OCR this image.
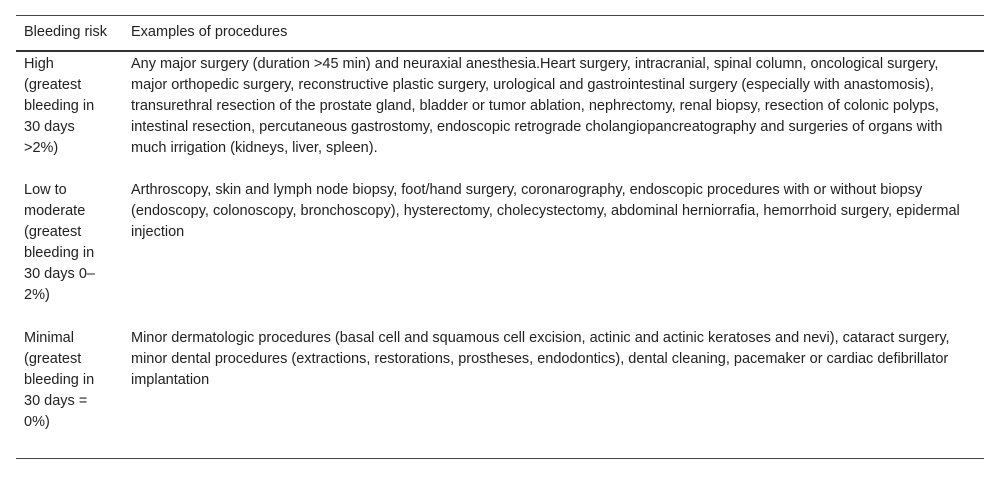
Bleeding risk	Examples of procedures
High (greatest bleeding in 30 days >2%)	Any major surgery (duration >45 min) and neuraxial anesthesia.Heart surgery, intracranial, spinal column, oncological surgery, major orthopedic surgery, reconstructive plastic surgery, urological and gastrointestinal surgery (especially with anastomosis), transurethral resection of the prostate gland, bladder or tumor ablation, nephrectomy, renal biopsy, resection of colonic polyps, intestinal resection, percutaneous gastrostomy, endoscopic retrograde cholangiopancreatography and surgeries of organs with much irrigation (kidneys, liver, spleen).
Low to moderate (greatest bleeding in 30 days 0–2%)	Arthroscopy, skin and lymph node biopsy, foot/hand surgery, coronarography, endoscopic procedures with or without biopsy (endoscopy, colonoscopy, bronchoscopy), hysterectomy, cholecystectomy, abdominal herniorrafia, hemorrhoid surgery, epidermal injection
Minimal (greatest bleeding in 30 days = 0%)	Minor dermatologic procedures (basal cell and squamous cell excision, actinic and actinic keratoses and nevi), cataract surgery, minor dental procedures (extractions, restorations, prostheses, endodontics), dental cleaning, pacemaker or cardiac defibrillator implantation
